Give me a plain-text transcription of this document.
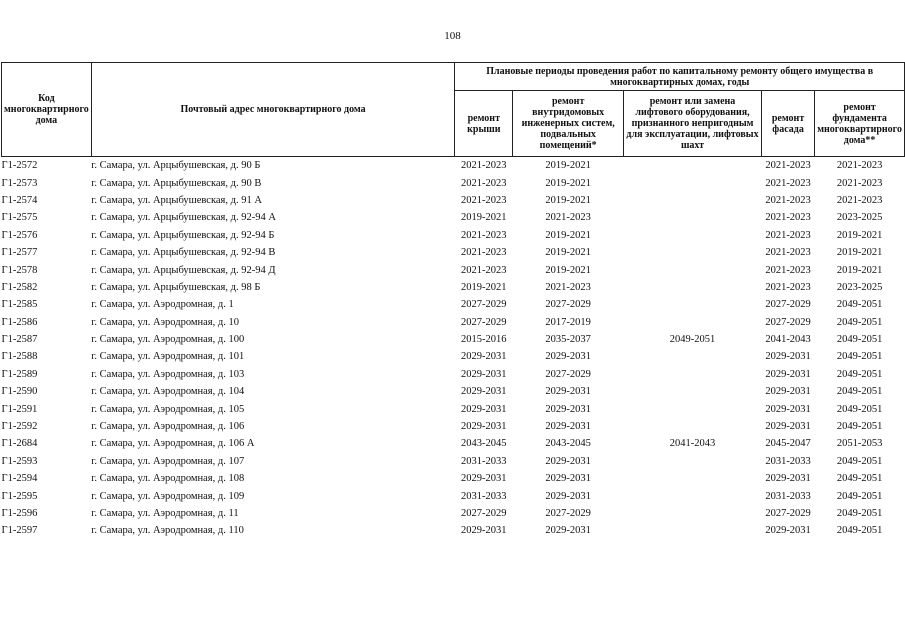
108
Код многоквартирного дома	Почтовый адрес многоквартирного дома	Плановые периоды проведения работ по капитальному ремонту общего имущества в многоквартирных домах, годы				
		ремонт крыши	ремонт внутридомовых инженерных систем, подвальных помещений*	ремонт или замена лифтового оборудования, признанного непригодным для эксплуатации, лифтовых шахт	ремонт фасада	ремонт фундамента многоквартирного дома**
Г1-2572	г. Самара, ул. Арцыбушевская, д. 90 Б	2021-2023	2019-2021		2021-2023	2021-2023
Г1-2573	г. Самара, ул. Арцыбушевская, д. 90 В	2021-2023	2019-2021		2021-2023	2021-2023
Г1-2574	г. Самара, ул. Арцыбушевская, д. 91 А	2021-2023	2019-2021		2021-2023	2021-2023
Г1-2575	г. Самара, ул. Арцыбушевская, д. 92-94 А	2019-2021	2021-2023		2021-2023	2023-2025
Г1-2576	г. Самара, ул. Арцыбушевская, д. 92-94 Б	2021-2023	2019-2021		2021-2023	2019-2021
Г1-2577	г. Самара, ул. Арцыбушевская, д. 92-94 В	2021-2023	2019-2021		2021-2023	2019-2021
Г1-2578	г. Самара, ул. Арцыбушевская, д. 92-94 Д	2021-2023	2019-2021		2021-2023	2019-2021
Г1-2582	г. Самара, ул. Арцыбушевская, д. 98 Б	2019-2021	2021-2023		2021-2023	2023-2025
Г1-2585	г. Самара, ул. Аэродромная, д. 1	2027-2029	2027-2029		2027-2029	2049-2051
Г1-2586	г. Самара, ул. Аэродромная, д. 10	2027-2029	2017-2019		2027-2029	2049-2051
Г1-2587	г. Самара, ул. Аэродромная, д. 100	2015-2016	2035-2037	2049-2051	2041-2043	2049-2051
Г1-2588	г. Самара, ул. Аэродромная, д. 101	2029-2031	2029-2031		2029-2031	2049-2051
Г1-2589	г. Самара, ул. Аэродромная, д. 103	2029-2031	2027-2029		2029-2031	2049-2051
Г1-2590	г. Самара, ул. Аэродромная, д. 104	2029-2031	2029-2031		2029-2031	2049-2051
Г1-2591	г. Самара, ул. Аэродромная, д. 105	2029-2031	2029-2031		2029-2031	2049-2051
Г1-2592	г. Самара, ул. Аэродромная, д. 106	2029-2031	2029-2031		2029-2031	2049-2051
Г1-2684	г. Самара, ул. Аэродромная, д. 106 А	2043-2045	2043-2045	2041-2043	2045-2047	2051-2053
Г1-2593	г. Самара, ул. Аэродромная, д. 107	2031-2033	2029-2031		2031-2033	2049-2051
Г1-2594	г. Самара, ул. Аэродромная, д. 108	2029-2031	2029-2031		2029-2031	2049-2051
Г1-2595	г. Самара, ул. Аэродромная, д. 109	2031-2033	2029-2031		2031-2033	2049-2051
Г1-2596	г. Самара, ул. Аэродромная, д. 11	2027-2029	2027-2029		2027-2029	2049-2051
Г1-2597	г. Самара, ул. Аэродромная, д. 110	2029-2031	2029-2031		2029-2031	2049-2051
